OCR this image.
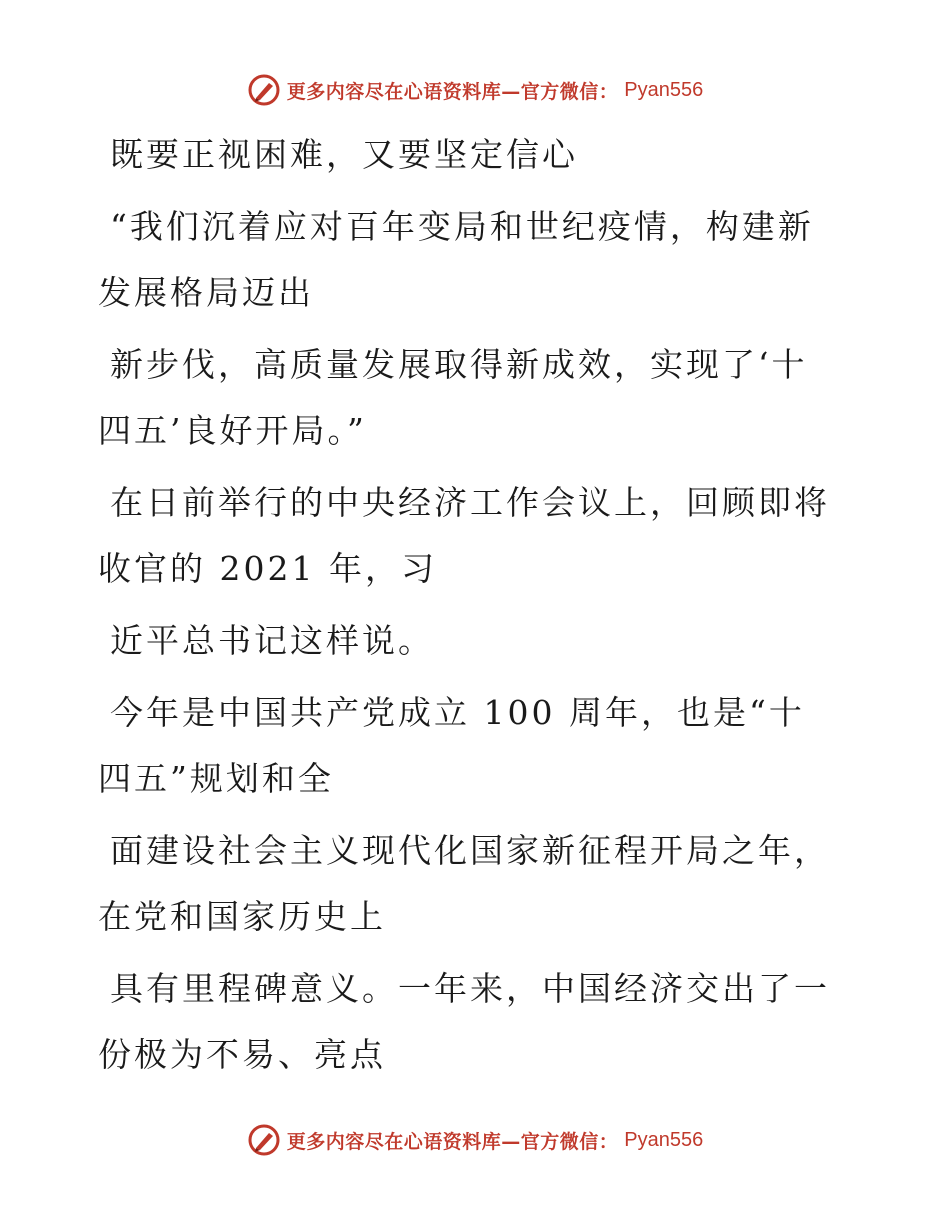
更多内容尽在心语资料库—官方微信： Pyan556

既要正视困难，又要坚定信心

“我们沉着应对百年变局和世纪疫情，构建新发展格局迈出

新步伐，高质量发展取得新成效，实现了‘十四五’良好开局。”

在日前举行的中央经济工作会议上，回顾即将收官的 2021 年，习

近平总书记这样说。

今年是中国共产党成立 100 周年，也是“十四五”规划和全

面建设社会主义现代化国家新征程开局之年，在党和国家历史上

具有里程碑意义。一年来，中国经济交出了一份极为不易、亮点

更多内容尽在心语资料库—官方微信： Pyan556
